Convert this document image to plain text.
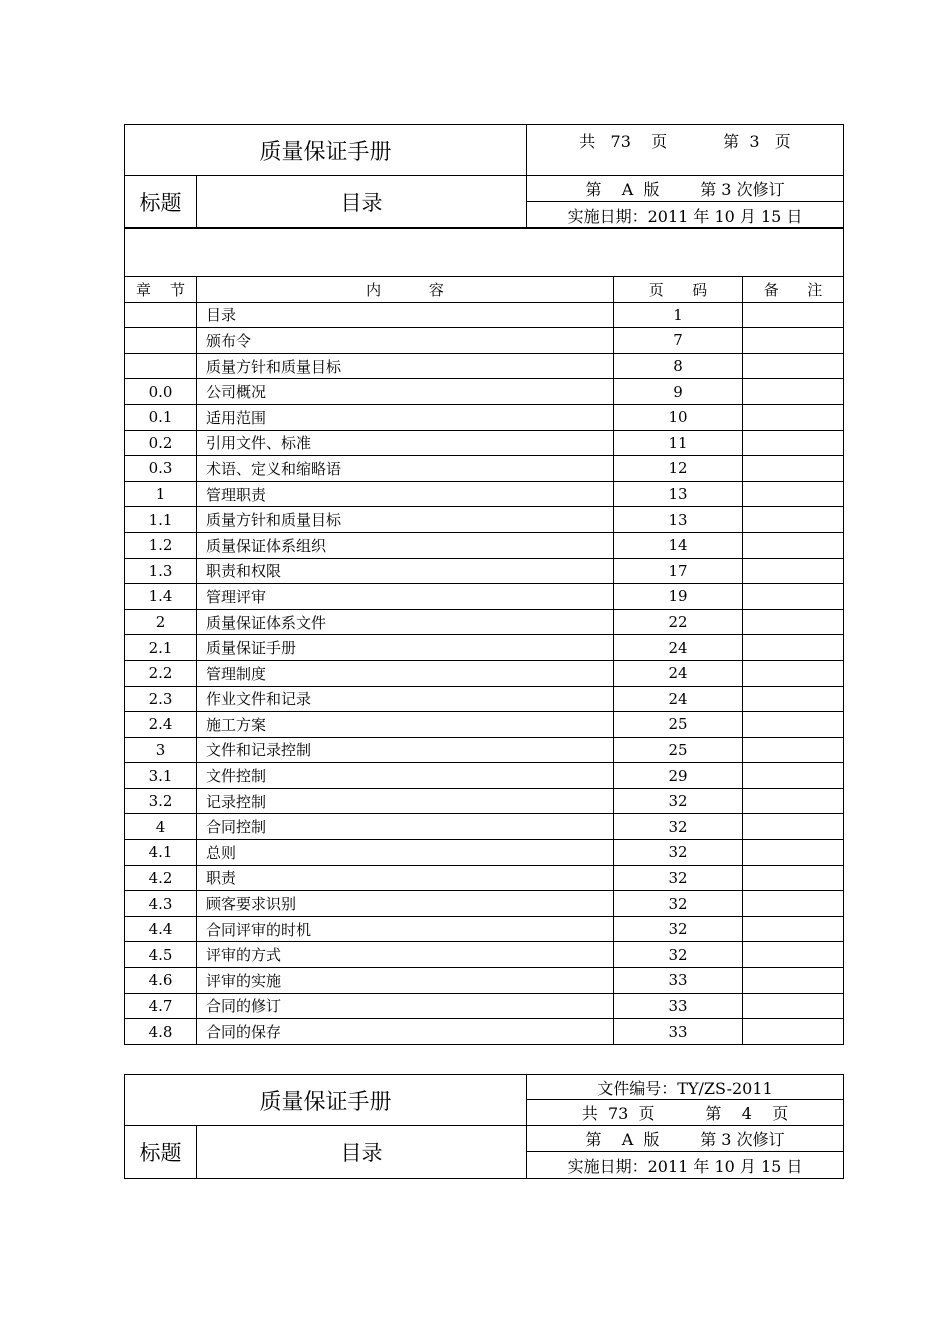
质量保证手册		共   73    页           第  3   页
标题	目录	第    A  版        第 3 次修订
		实施日期：2011 年 10 月 15 日

章    节	内          容	页      码	备      注
	目录	1	
	颁布令	7	
	质量方针和质量目标	8	
0.0	公司概况	9	
0.1	适用范围	10	
0.2	引用文件、标准	11	
0.3	术语、定义和缩略语	12	
1	管理职责	13	
1.1	质量方针和质量目标	13	
1.2	质量保证体系组织	14	
1.3	职责和权限	17	
1.4	管理评审	19	
2	质量保证体系文件	22	
2.1	质量保证手册	24	
2.2	管理制度	24	
2.3	作业文件和记录	24	
2.4	施工方案	25	
3	文件和记录控制	25	
3.1	文件控制	29	
3.2	记录控制	32	
4	合同控制	32	
4.1	总则	32	
4.2	职责	32	
4.3	顾客要求识别	32	
4.4	合同评审的时机	32	
4.5	评审的方式	32	
4.6	评审的实施	33	
4.7	合同的修订	33	
4.8	合同的保存	33	
质量保证手册		文件编号：TY/ZS-2011
		共  73  页          第    4    页
标题	目录	第    A  版        第 3 次修订
		实施日期：2011 年 10 月 15 日
